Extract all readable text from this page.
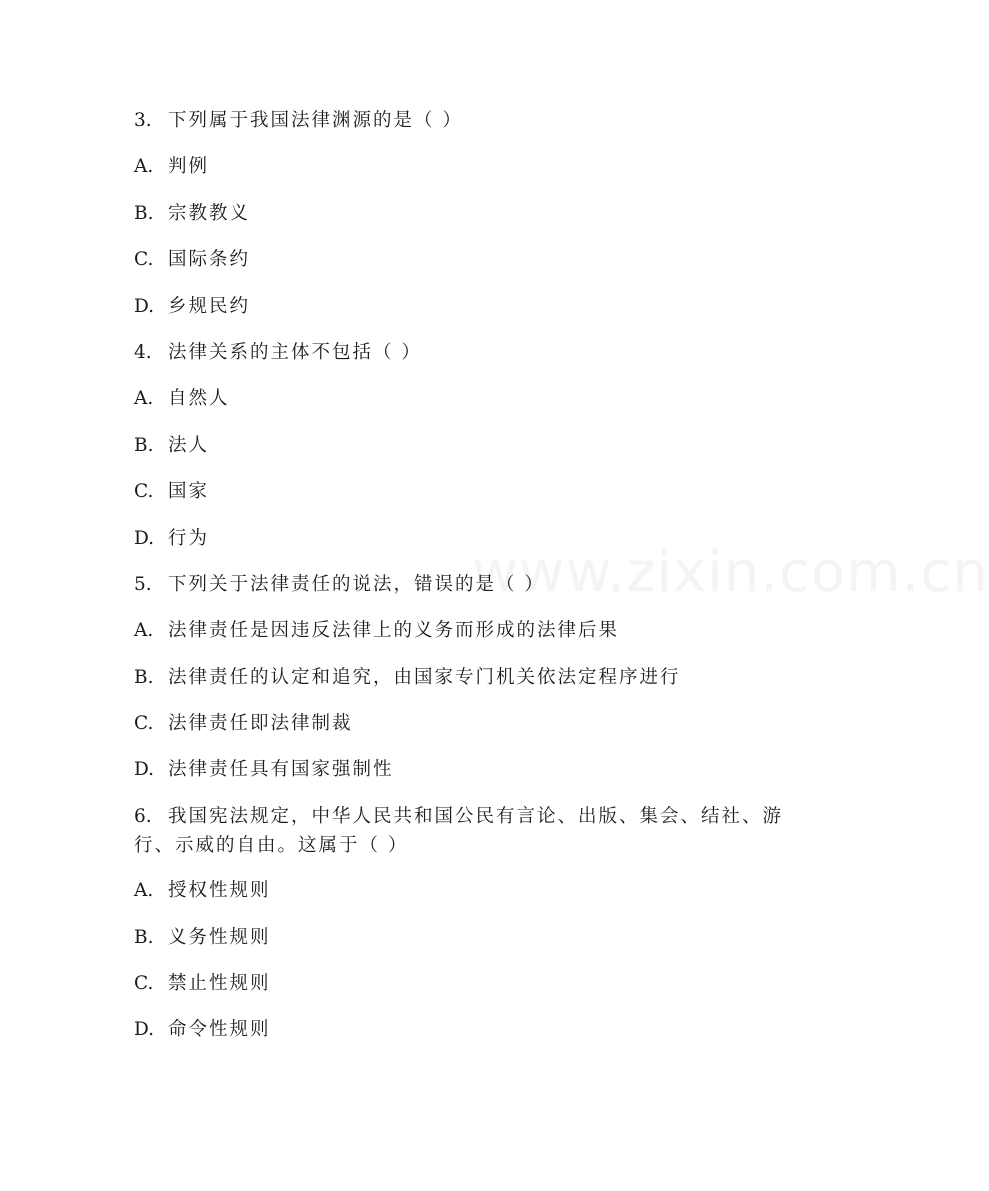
www.zixin.com.cn
3. 下列属于我国法律渊源的是（ ）
A. 判例
B. 宗教教义
C. 国际条约
D. 乡规民约
4. 法律关系的主体不包括（ ）
A. 自然人
B. 法人
C. 国家
D. 行为
5. 下列关于法律责任的说法，错误的是（ ）
A. 法律责任是因违反法律上的义务而形成的法律后果
B. 法律责任的认定和追究，由国家专门机关依法定程序进行
C. 法律责任即法律制裁
D. 法律责任具有国家强制性
6. 我国宪法规定，中华人民共和国公民有言论、出版、集会、结社、游行、示威的自由。这属于（ ）
A. 授权性规则
B. 义务性规则
C. 禁止性规则
D. 命令性规则
